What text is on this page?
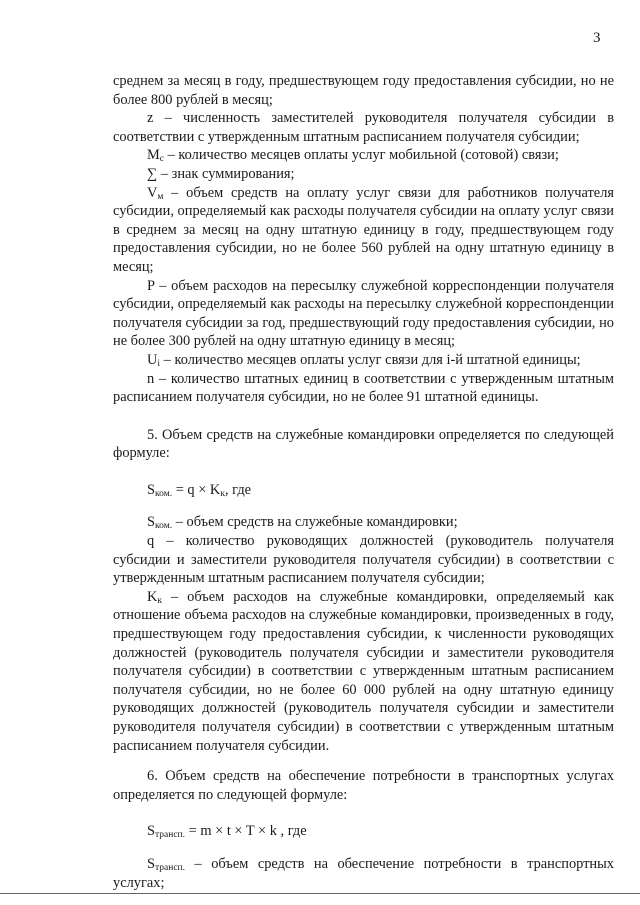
3

среднем за месяц в году, предшествующем году предоставления субсидии, но не более 800 рублей в месяц;

z – численность заместителей руководителя получателя субсидии в соответствии с утвержденным штатным расписанием получателя субсидии;

$M_с$ – количество месяцев оплаты услуг мобильной (сотовой) связи;

∑ – знак суммирования;

$V_м$ – объем средств на оплату услуг связи для работников получателя субсидии, определяемый как расходы получателя субсидии на оплату услуг связи в среднем за месяц на одну штатную единицу в году, предшествующем году предоставления субсидии, но не более 560 рублей на одну штатную единицу в месяц;

P – объем расходов на пересылку служебной корреспонденции получателя субсидии, определяемый как расходы на пересылку служебной корреспонденции получателя субсидии за год, предшествующий году предоставления субсидии, но не более 300 рублей на одну штатную единицу в месяц;

$U_i$ – количество месяцев оплаты услуг связи для i-й штатной единицы;

n – количество штатных единиц в соответствии с утвержденным штатным расписанием получателя субсидии, но не более 91 штатной единицы.

5. Объем средств на служебные командировки определяется по следующей формуле:

$S_{ком.} = q \times K_к$, где

$S_{ком.}$ – объем средств на служебные командировки;

q – количество руководящих должностей (руководитель получателя субсидии и заместители руководителя получателя субсидии) в соответствии с утвержденным штатным расписанием получателя субсидии;

$K_к$ – объем расходов на служебные командировки, определяемый как отношение объема расходов на служебные командировки, произведенных в году, предшествующем году предоставления субсидии, к численности руководящих должностей (руководитель получателя субсидии и заместители руководителя получателя субсидии) в соответствии с утвержденным штатным расписанием получателя субсидии, но не более 60 000 рублей на одну штатную единицу руководящих должностей (руководитель получателя субсидии и заместители руководителя получателя субсидии) в соответствии с утвержденным штатным расписанием получателя субсидии.

6. Объем средств на обеспечение потребности в транспортных услугах определяется по следующей формуле:

$S_{трансп.} = m \times t \times T \times k$ , где

$S_{трансп.}$ – объем средств на обеспечение потребности в транспортных услугах;
